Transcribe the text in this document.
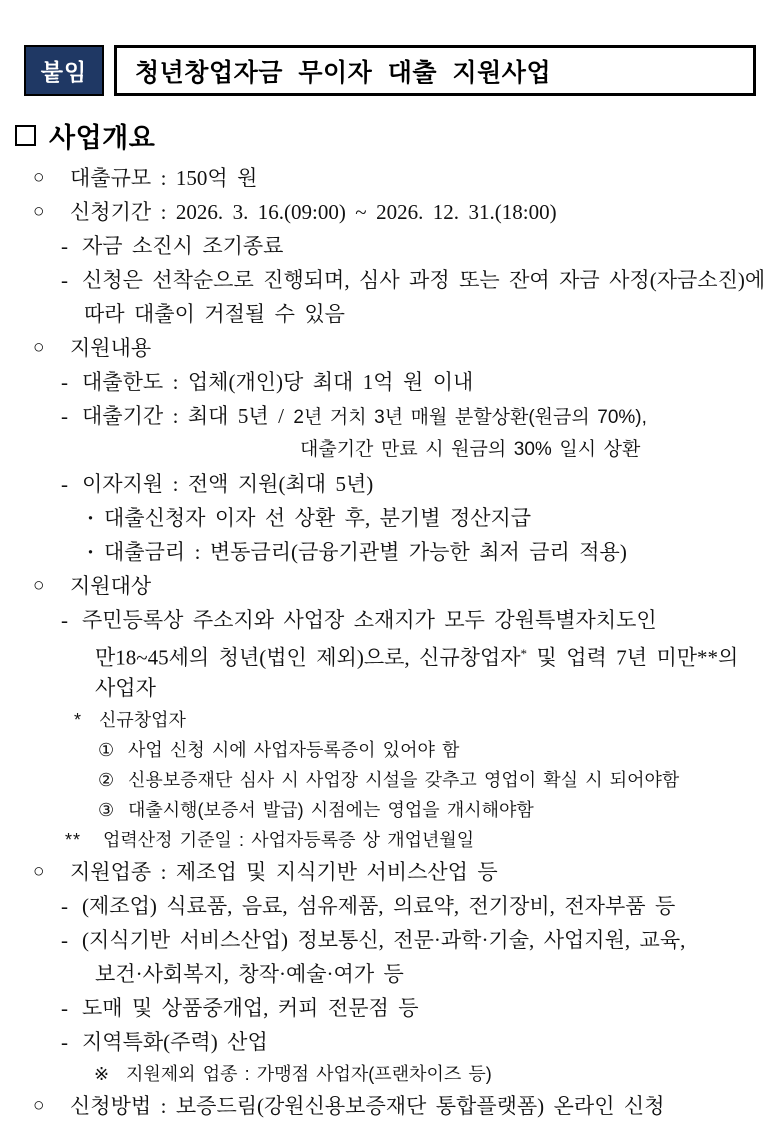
붙임	청년창업자금 무이자 대출 지원사업
사업개요
○ 대출규모 : 150억 원
○ 신청기간 : 2026. 3. 16.(09:00) ~ 2026. 12. 31.(18:00)
- 자금 소진시 조기종료
- 신청은 선착순으로 진행되며, 심사 과정 또는 잔여 자금 사정(자금소진)에
따라 대출이 거절될 수 있음
○ 지원내용
- 대출한도 : 업체(개인)당 최대 1억 원 이내
- 대출기간 : 최대 5년 / 2년 거치 3년 매월 분할상환(원금의 70%),
대출기간 만료 시 원금의 30% 일시 상환
- 이자지원 : 전액 지원(최대 5년)
· 대출신청자 이자 선 상환 후, 분기별 정산지급
· 대출금리 : 변동금리(금융기관별 가능한 최저 금리 적용)
○ 지원대상
- 주민등록상 주소지와 사업장 소재지가 모두 강원특별자치도인
만18~45세의 청년(법인 제외)으로, 신규창업자* 및 업력 7년 미만**의
사업자
* 신규창업자
① 사업 신청 시에 사업자등록증이 있어야 함
② 신용보증재단 심사 시 사업장 시설을 갖추고 영업이 확실 시 되어야함
③ 대출시행(보증서 발급) 시점에는 영업을 개시해야함
** 업력산정 기준일 : 사업자등록증 상 개업년월일
○ 지원업종 : 제조업 및 지식기반 서비스산업 등
- (제조업) 식료품, 음료, 섬유제품, 의료약, 전기장비, 전자부품 등
- (지식기반 서비스산업) 정보통신, 전문·과학·기술, 사업지원, 교육,
보건·사회복지, 창작·예술·여가 등
- 도매 및 상품중개업, 커피 전문점 등
- 지역특화(주력) 산업
※ 지원제외 업종 : 가맹점 사업자(프랜차이즈 등)
○ 신청방법 : 보증드림(강원신용보증재단 통합플랫폼) 온라인 신청
